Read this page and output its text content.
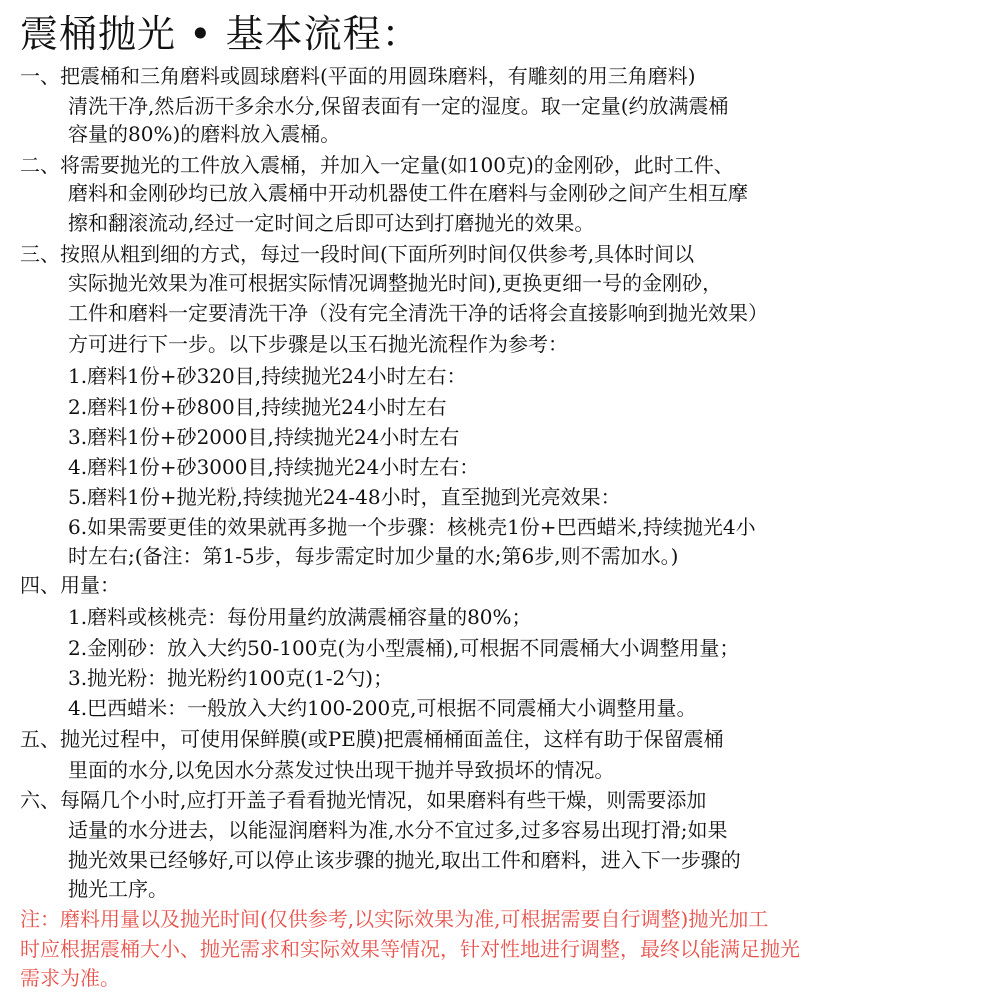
震桶抛光 • 基本流程：
一、把震桶和三角磨料或圆球磨料(平面的用圆珠磨料，有雕刻的用三角磨料)
清洗干净,然后沥干多余水分,保留表面有一定的湿度。取一定量(约放满震桶
容量的80%)的磨料放入震桶。
二、将需要抛光的工件放入震桶，并加入一定量(如100克)的金刚砂，此时工件、
磨料和金刚砂均已放入震桶中开动机器使工件在磨料与金刚砂之间产生相互摩
擦和翻滚流动,经过一定时间之后即可达到打磨抛光的效果。
三、按照从粗到细的方式，每过一段时间(下面所列时间仅供参考,具体时间以
实际抛光效果为准可根据实际情况调整抛光时间),更换更细一号的金刚砂，
工件和磨料一定要清洗干净（没有完全清洗干净的话将会直接影响到抛光效果）
方可进行下一步。以下步骤是以玉石抛光流程作为参考：
1.磨料1份+砂320目,持续抛光24小时左右：
2.磨料1份+砂800目,持续抛光24小时左右
3.磨料1份+砂2000目,持续抛光24小时左右
4.磨料1份+砂3000目,持续抛光24小时左右：
5.磨料1份+抛光粉,持续抛光24-48小时，直至抛到光亮效果：
6.如果需要更佳的效果就再多抛一个步骤：核桃壳1份+巴西蜡米,持续抛光4小
时左右;(备注：第1-5步，每步需定时加少量的水;第6步,则不需加水。)
四、用量：
1.磨料或核桃壳：每份用量约放满震桶容量的80%；
2.金刚砂：放入大约50-100克(为小型震桶),可根据不同震桶大小调整用量；
3.抛光粉：抛光粉约100克(1-2勺)；
4.巴西蜡米：一般放入大约100-200克,可根据不同震桶大小调整用量。
五、抛光过程中，可使用保鲜膜(或PE膜)把震桶桶面盖住，这样有助于保留震桶
里面的水分,以免因水分蒸发过快出现干抛并导致损坏的情况。
六、每隔几个小时,应打开盖子看看抛光情况，如果磨料有些干燥，则需要添加
适量的水分进去，以能湿润磨料为准,水分不宜过多,过多容易出现打滑;如果
抛光效果已经够好,可以停止该步骤的抛光,取出工件和磨料，进入下一步骤的
抛光工序。
注：磨料用量以及抛光时间(仅供参考,以实际效果为准,可根据需要自行调整)抛光加工
时应根据震桶大小、抛光需求和实际效果等情况，针对性地进行调整，最终以能满足抛光
需求为准。
